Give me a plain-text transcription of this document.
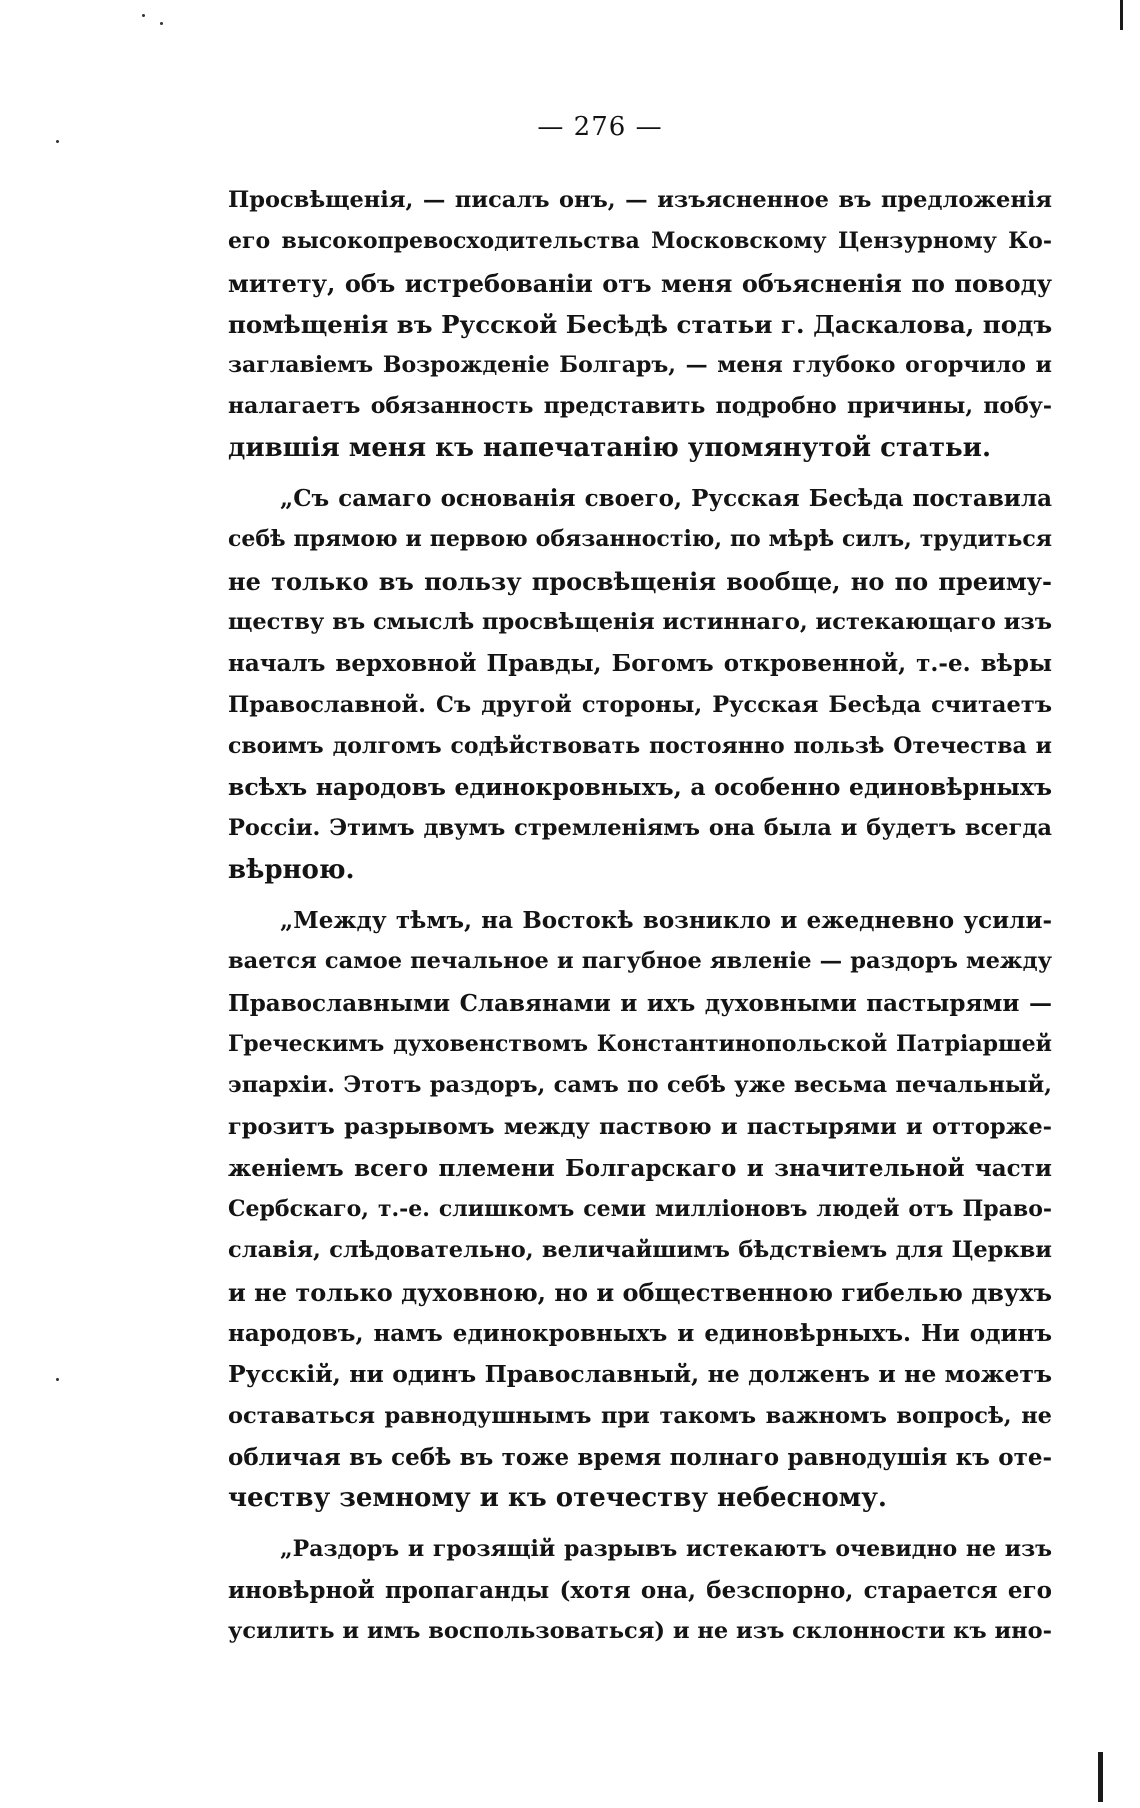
— 276 —
Просвѣщенія, — писалъ онъ, — изъясненное въ предложенія
его высокопревосходительства Московскому Цензурному Ко-
митету, объ истребованіи отъ меня объясненія по поводу
помѣщенія въ Русской Бесѣдѣ статьи г. Даскалова, подъ
заглавіемъ Возрожденіе Болгаръ, — меня глубоко огорчило и
налагаетъ обязанность представить подробно причины, побу-
дившія меня къ напечатанію упомянутой статьи.
„Съ самаго основанія своего, Русская Бесѣда поставила
себѣ прямою и первою обязанностію, по мѣрѣ силъ, трудиться
не только въ пользу просвѣщенія вообще, но по преиму-
ществу въ смыслѣ просвѣщенія истиннаго, истекающаго изъ
началъ верховной Правды, Богомъ откровенной, т.-е. вѣры
Православной. Съ другой стороны, Русская Бесѣда считаетъ
своимъ долгомъ содѣйствовать постоянно пользѣ Отечества и
всѣхъ народовъ единокровныхъ, а особенно единовѣрныхъ
Россіи. Этимъ двумъ стремленіямъ она была и будетъ всегда
вѣрною.
„Между тѣмъ, на Востокѣ возникло и ежедневно усили-
вается самое печальное и пагубное явленіе — раздоръ между
Православными Славянами и ихъ духовными пастырями —
Греческимъ духовенствомъ Константинопольской Патріаршей
эпархіи. Этотъ раздоръ, самъ по себѣ уже весьма печальный,
грозитъ разрывомъ между паствою и пастырями и отторже-
женіемъ всего племени Болгарскаго и значительной части
Сербскаго, т.-е. слишкомъ семи милліоновъ людей отъ Право-
славія, слѣдовательно, величайшимъ бѣдствіемъ для Церкви
и не только духовною, но и общественною гибелью двухъ
народовъ, намъ единокровныхъ и единовѣрныхъ. Ни одинъ
Русскій, ни одинъ Православный, не долженъ и не можетъ
оставаться равнодушнымъ при такомъ важномъ вопросѣ, не
обличая въ себѣ въ тоже время полнаго равнодушія къ оте-
честву земному и къ отечеству небесному.
„Раздоръ и грозящій разрывъ истекаютъ очевидно не изъ
иновѣрной пропаганды (хотя она, безспорно, старается его
усилить и имъ воспользоваться) и не изъ склонности къ ино-
